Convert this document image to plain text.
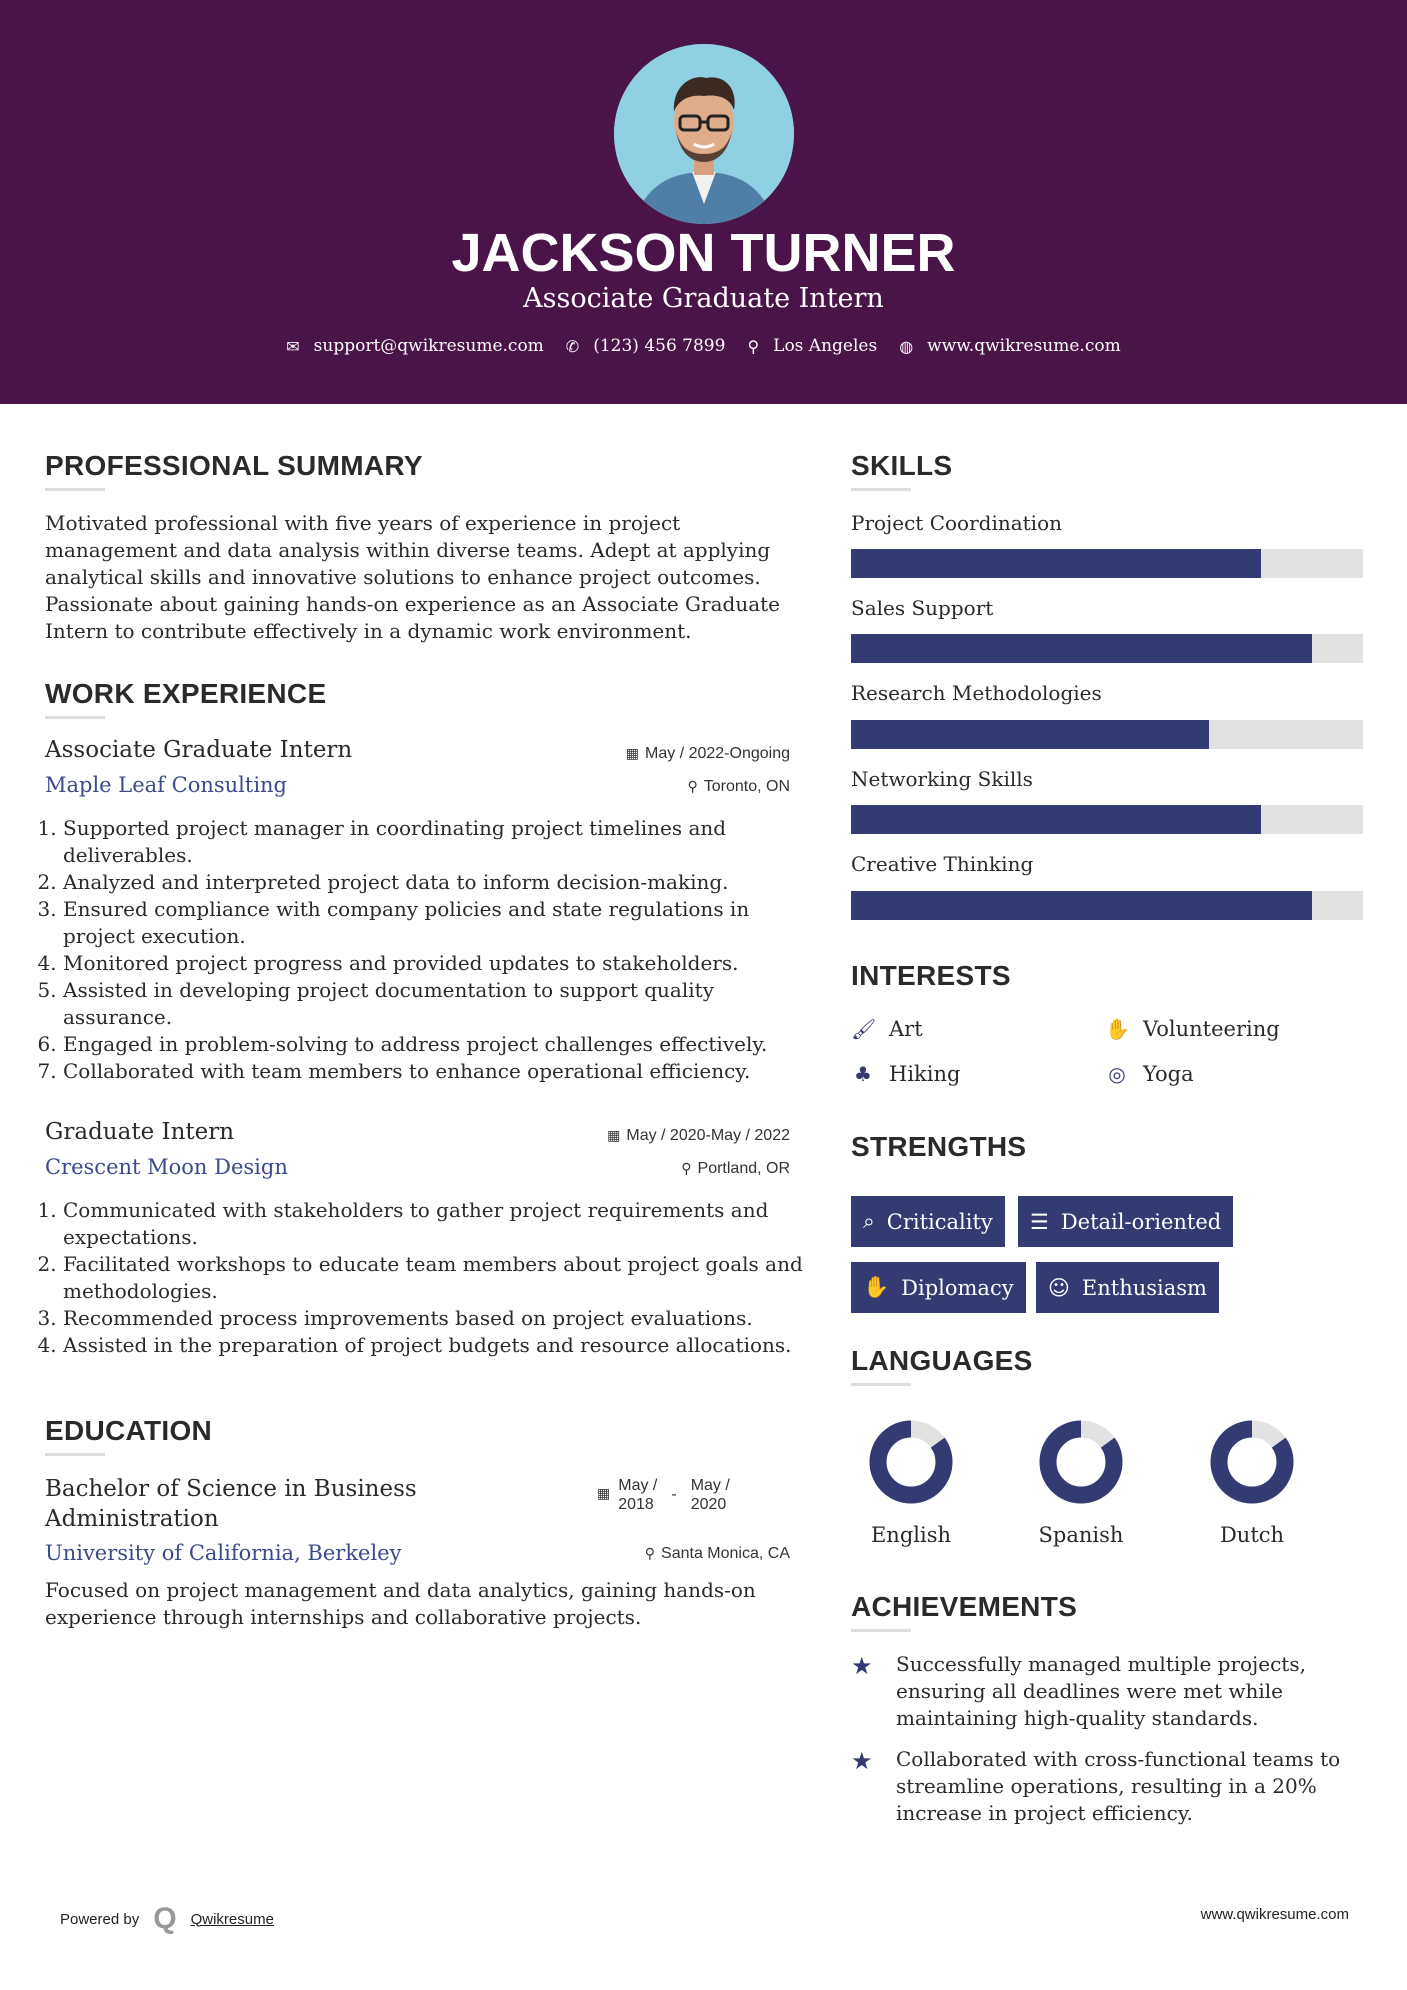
JACKSON TURNER
Associate Graduate Intern
✉ support@qwikresume.com ✆ (123) 456 7899 ⚲ Los Angeles ◍ www.qwikresume.com
PROFESSIONAL SUMMARY
Motivated professional with five years of experience in project management and data analysis within diverse teams. Adept at applying analytical skills and innovative solutions to enhance project outcomes. Passionate about gaining hands-on experience as an Associate Graduate Intern to contribute effectively in a dynamic work environment.
WORK EXPERIENCE
Associate Graduate Intern
Maple Leaf Consulting
▦ May / 2022-Ongoing
⚲ Toronto, ON
1. Supported project manager in coordinating project timelines and deliverables.
2. Analyzed and interpreted project data to inform decision-making.
3. Ensured compliance with company policies and state regulations in project execution.
4. Monitored project progress and provided updates to stakeholders.
5. Assisted in developing project documentation to support quality assurance.
6. Engaged in problem-solving to address project challenges effectively.
7. Collaborated with team members to enhance operational efficiency.
Graduate Intern
Crescent Moon Design
▦ May / 2020-May / 2022
⚲ Portland, OR
1. Communicated with stakeholders to gather project requirements and expectations.
2. Facilitated workshops to educate team members about project goals and methodologies.
3. Recommended process improvements based on project evaluations.
4. Assisted in the preparation of project budgets and resource allocations.
EDUCATION
Bachelor of Science in Business Administration
▦ May /
2018
-
May /
2020
University of California, Berkeley	⚲ Santa Monica, CA
Focused on project management and data analytics, gaining hands-on experience through internships and collaborative projects.
SKILLS
Project Coordination
Sales Support
Research Methodologies
Networking Skills
Creative Thinking
INTERESTS
🖌 Art	✋ Volunteering
♣ Hiking	◎ Yoga
STRENGTHS
⌕ Criticality ☰ Detail-oriented
✋ Diplomacy ☺ Enthusiasm
LANGUAGES
English	Spanish	Dutch
ACHIEVEMENTS
★ Successfully managed multiple projects, ensuring all deadlines were met while maintaining high-quality standards.
★ Collaborated with cross-functional teams to streamline operations, resulting in a 20% increase in project efficiency.
Powered by Q Qwikresume	www.qwikresume.com
